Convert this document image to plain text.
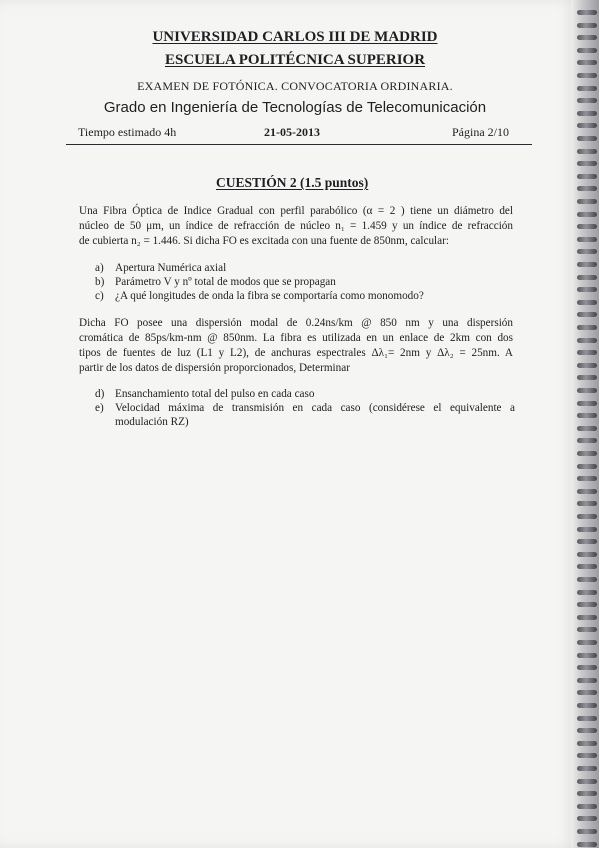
UNIVERSIDAD CARLOS III DE MADRID
ESCUELA POLITÉCNICA SUPERIOR
EXAMEN DE FOTÓNICA. CONVOCATORIA ORDINARIA.
Grado en Ingeniería de Tecnologías de Telecomunicación
Tiempo estimado 4h	21-05-2013	Página 2/10
CUESTIÓN 2 (1.5 puntos)

Una Fibra Óptica de Indice Gradual con perfil parabólico (α = 2 ) tiene un diámetro del

núcleo de 50 μm, un índice de refracción de núcleo n₁ = 1.459 y un índice de refracción

de cubierta n₂ = 1.446. Si dicha FO es excitada con una fuente de 850nm, calcular:

a)	Apertura Numérica axial
b) Parámetro V y nº total de modos que se propagan
c)	¿A qué longitudes de onda la fibra se comportaría como monomodo?

Dicha FO posee una dispersión modal de 0.24ns/km @ 850 nm y una dispersión

cromática de 85ps/km-nm @ 850nm. La fibra es utilizada en un enlace de 2km con dos

tipos de fuentes de luz (L1 y L2), de anchuras espectrales Δλ₁= 2nm y Δλ₂ = 25nm. A

partir de los datos de dispersión proporcionados, Determinar

d) Ensanchamiento total del pulso en cada caso
e)	Velocidad máxima de transmisión en cada caso (considérese el equivalente a
modulación RZ)
